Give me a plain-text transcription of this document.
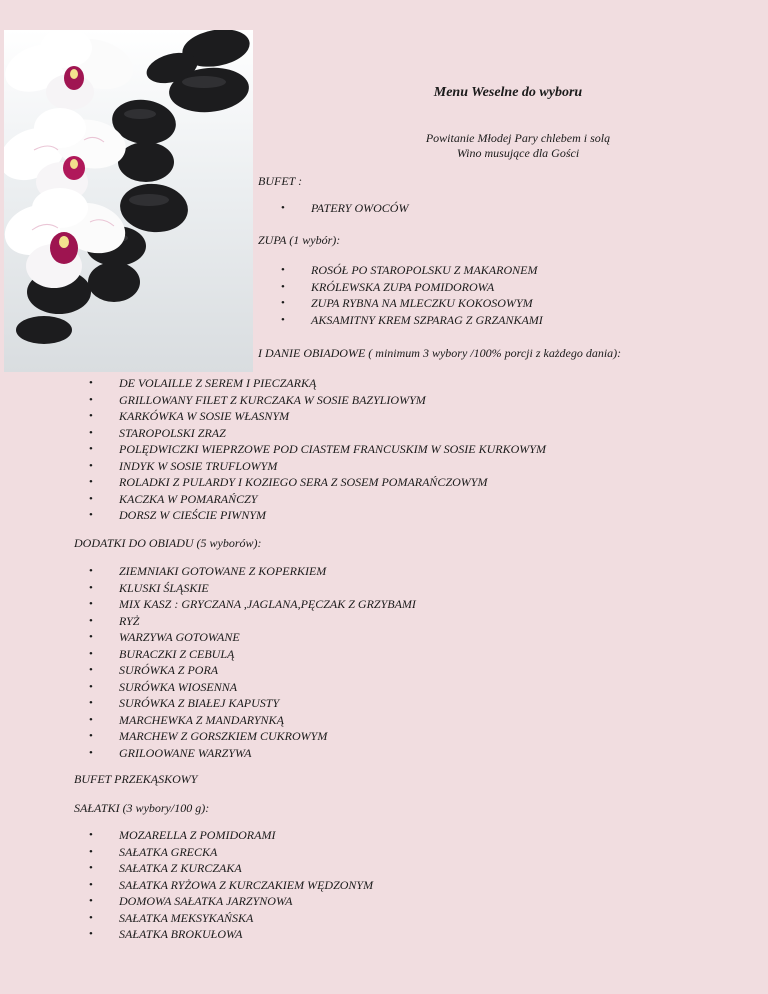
Menu Weselne do wyboru
Powitanie Młodej Pary chlebem i solą
Wino musujące dla Gości
BUFET :
• PATERY OWOCÓW
ZUPA (1 wybór):
• ROSÓŁ PO STAROPOLSKU Z MAKARONEM
• KRÓLEWSKA ZUPA POMIDOROWA
• ZUPA RYBNA NA MLECZKU KOKOSOWYM
• AKSAMITNY KREM SZPARAG Z GRZANKAMI
I DANIE OBIADOWE ( minimum 3 wybory /100% porcji z każdego dania):
• DE VOLAILLE Z SEREM I PIECZARKĄ
• GRILLOWANY FILET Z KURCZAKA W SOSIE BAZYLIOWYM
• KARKÓWKA W SOSIE WŁASNYM
• STAROPOLSKI ZRAZ
• POLĘDWICZKI WIEPRZOWE POD CIASTEM FRANCUSKIM W SOSIE KURKOWYM
• INDYK W SOSIE TRUFLOWYM
• ROLADKI Z PULARDY I KOZIEGO SERA Z SOSEM POMARAŃCZOWYM
• KACZKA W POMARAŃCZY
• DORSZ W CIEŚCIE PIWNYM
DODATKI DO OBIADU (5 wyborów):
• ZIEMNIAKI GOTOWANE Z KOPERKIEM
• KLUSKI ŚLĄSKIE
• MIX KASZ : GRYCZANA ,JAGLANA,PĘCZAK Z GRZYBAMI
• RYŻ
• WARZYWA GOTOWANE
• BURACZKI Z CEBULĄ
• SURÓWKA Z PORA
• SURÓWKA WIOSENNA
• SURÓWKA Z BIAŁEJ KAPUSTY
• MARCHEWKA Z MANDARYNKĄ
• MARCHEW Z GORSZKIEM CUKROWYM
• GRILOOWANE WARZYWA
BUFET PRZEKĄSKOWY
SAŁATKI (3 wybory/100 g):
• MOZARELLA Z POMIDORAMI
• SAŁATKA GRECKA
• SAŁATKA Z KURCZAKA
• SAŁATKA RYŻOWA Z KURCZAKIEM WĘDZONYM
• DOMOWA SAŁATKA JARZYNOWA
• SAŁATKA MEKSYKAŃSKA
• SAŁATKA BROKUŁOWA
